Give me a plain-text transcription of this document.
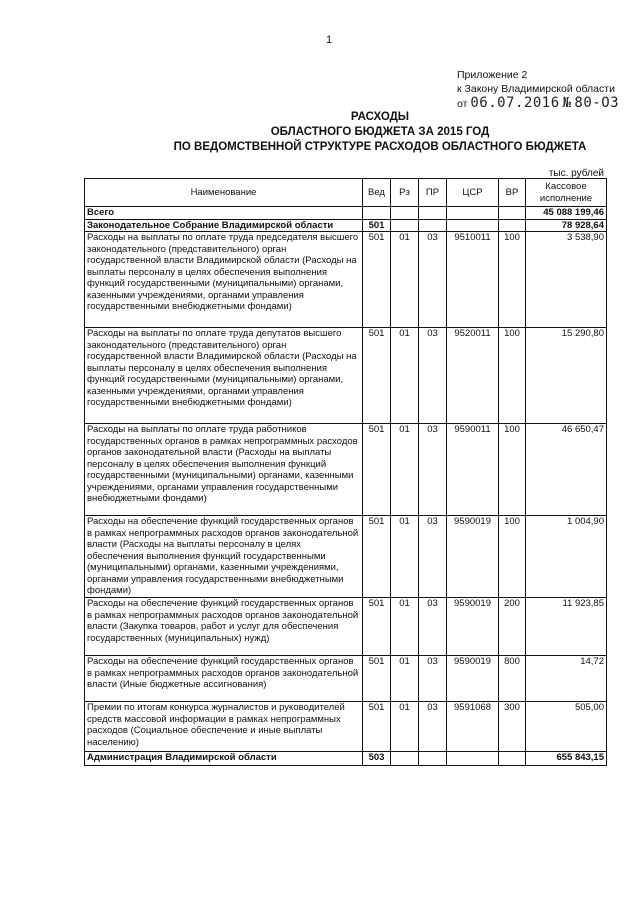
1
Приложение 2
к Закону Владимирской области
от 06.07.2016 № 80-ОЗ
РАСХОДЫ
ОБЛАСТНОГО БЮДЖЕТА ЗА 2015 ГОД
ПО ВЕДОМСТВЕННОЙ СТРУКТУРЕ РАСХОДОВ ОБЛАСТНОГО БЮДЖЕТА
тыс. рублей
Наименование	Вед	Рз	ПР	ЦСР	ВР	Кассовое исполнение
Всего						45 088 199,46
Законодательное Собрание Владимирской области	501					78 928,64
Расходы на выплаты по оплате труда председателя высшего законодательного (представительного) орган государственной власти Владимирской области (Расходы на выплаты персоналу в целях обеспечения выполнения функций государственными (муниципальными) органами, казенными учреждениями, органами управления государственными внебюджетными фондами)	501	01	03	9510011	100	3 538,90
Расходы на выплаты по оплате труда депутатов высшего законодательного (представительного) орган государственной власти Владимирской области (Расходы на выплаты персоналу в целях обеспечения выполнения функций государственными (муниципальными) органами, казенными учреждениями, органами управления государственными внебюджетными фондами)	501	01	03	9520011	100	15 290,80
Расходы на выплаты по оплате труда работников государственных органов в рамках непрограммных расходов органов законодательной власти (Расходы на выплаты персоналу в целях обеспечения выполнения функций государственными (муниципальными) органами, казенными учреждениями, органами управления государственными внебюджетными фондами)	501	01	03	9590011	100	46 650,47
Расходы на обеспечение функций государственных органов в рамках непрограммных расходов органов законодательной власти (Расходы на выплаты персоналу в целях обеспечения выполнения функций государственными (муниципальными) органами, казенными учреждениями, органами управления государственными внебюджетными фондами)	501	01	03	9590019	100	1 004,90
Расходы на обеспечение функций государственных органов в рамках непрограммных расходов органов законодательной власти (Закупка товаров, работ и услуг для обеспечения государственных (муниципальных) нужд)	501	01	03	9590019	200	11 923,85
Расходы на обеспечение функций государственных органов в рамках непрограммных расходов органов законодательной власти (Иные бюджетные ассигнования)	501	01	03	9590019	800	14,72
Премии по итогам конкурса журналистов и руководителей средств массовой информации в рамках непрограммных расходов (Социальное обеспечение и иные выплаты населению)	501	01	03	9591068	300	505,00
Администрация Владимирской области	503					655 843,15
